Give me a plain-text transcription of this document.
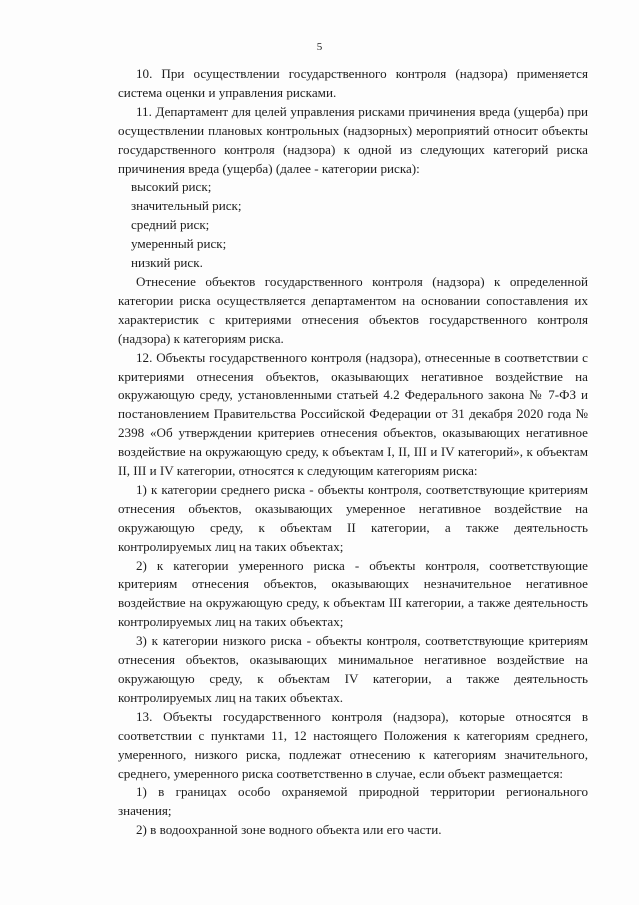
5

10. При осуществлении государственного контроля (надзора) применяется система оценки и управления рисками.

11. Департамент для целей управления рисками причинения вреда (ущерба) при осуществлении плановых контрольных (надзорных) мероприятий относит объекты государственного контроля (надзора) к одной из следующих категорий риска причинения вреда (ущерба) (далее - категории риска):

высокий риск;

значительный риск;

средний риск;

умеренный риск;

низкий риск.

Отнесение объектов государственного контроля (надзора) к определенной категории риска осуществляется департаментом на основании сопоставления их характеристик с критериями отнесения объектов государственного контроля (надзора) к категориям риска.

12. Объекты государственного контроля (надзора), отнесенные в соответствии с критериями отнесения объектов, оказывающих негативное воздействие на окружающую среду, установленными статьей 4.2 Федерального закона № 7-ФЗ и постановлением Правительства Российской Федерации от 31 декабря 2020 года № 2398 «Об утверждении критериев отнесения объектов, оказывающих негативное воздействие на окружающую среду, к объектам I, II, III и IV категорий», к объектам II, III и IV категории, относятся к следующим категориям риска:

1) к категории среднего риска - объекты контроля, соответствующие критериям отнесения объектов, оказывающих умеренное негативное воздействие на окружающую среду, к объектам II категории, а также деятельность контролируемых лиц на таких объектах;

2) к категории умеренного риска - объекты контроля, соответствующие критериям отнесения объектов, оказывающих незначительное негативное воздействие на окружающую среду, к объектам III категории, а также деятельность контролируемых лиц на таких объектах;

3) к категории низкого риска - объекты контроля, соответствующие критериям отнесения объектов, оказывающих минимальное негативное воздействие на окружающую среду, к объектам IV категории, а также деятельность контролируемых лиц на таких объектах.

13. Объекты государственного контроля (надзора), которые относятся в соответствии с пунктами 11, 12 настоящего Положения к категориям среднего, умеренного, низкого риска, подлежат отнесению к категориям значительного, среднего, умеренного риска соответственно в случае, если объект размещается:

1) в границах особо охраняемой природной территории регионального значения;

2) в водоохранной зоне водного объекта или его части.
